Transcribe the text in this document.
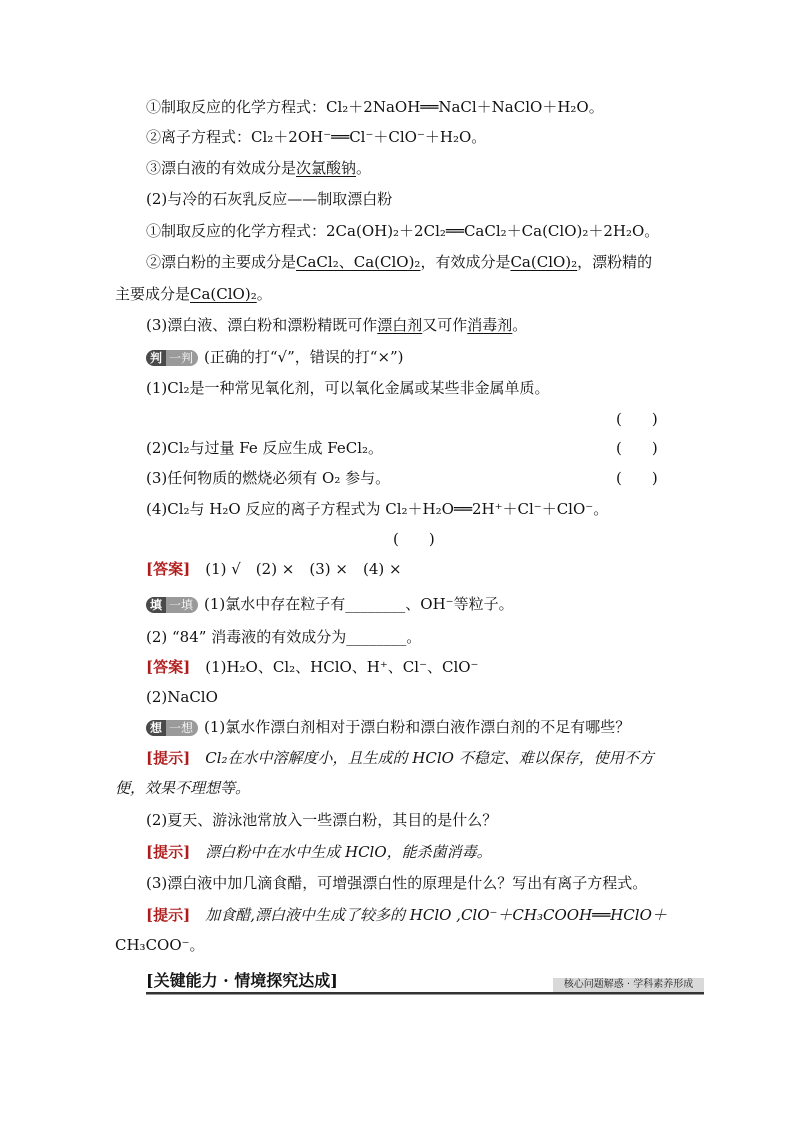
①制取反应的化学方程式：Cl₂＋2NaOH══NaCl＋NaClO＋H₂O。
②离子方程式：Cl₂＋2OH⁻══Cl⁻＋ClO⁻＋H₂O。
③漂白液的有效成分是次氯酸钠。
(2)与冷的石灰乳反应——制取漂白粉
①制取反应的化学方程式：2Ca(OH)₂＋2Cl₂══CaCl₂＋Ca(ClO)₂＋2H₂O。
②漂白粉的主要成分是CaCl₂、Ca(ClO)₂，有效成分是Ca(ClO)₂，漂粉精的
主要成分是Ca(ClO)₂。
(3)漂白液、漂白粉和漂粉精既可作漂白剂又可作消毒剂。
判 一判 (正确的打“√”，错误的打“×”)
(1)Cl₂是一种常见氧化剂，可以氧化金属或某些非金属单质。
(　　)
(2)Cl₂与过量 Fe 反应生成 FeCl₂。	(　　)
(3)任何物质的燃烧必须有 O₂ 参与。	(　　)
(4)Cl₂与 H₂O 反应的离子方程式为 Cl₂＋H₂O══2H⁺＋Cl⁻＋ClO⁻。
(　　)
[答案]　 (1) √　(2) ×　(3) ×　(4) ×
填 一填 (1)氯水中存在粒子有________、OH⁻等粒子。
(2) “84” 消毒液的有效成分为________。
[答案]　 (1)H₂O、Cl₂、HClO、H⁺、Cl⁻、ClO⁻
(2)NaClO
想 一想 (1)氯水作漂白剂相对于漂白粉和漂白液作漂白剂的不足有哪些？
[提示]　 Cl₂在水中溶解度小，且生成的 HClO 不稳定、难以保存，使用不方
便，效果不理想等。
(2)夏天、游泳池常放入一些漂白粉，其目的是什么？
[提示]　 漂白粉中在水中生成 HClO，能杀菌消毒。
(3)漂白液中加几滴食醋，可增强漂白性的原理是什么？写出有离子方程式。
[提示]　 加食醋,漂白液中生成了较多的 HClO ,ClO⁻＋CH₃COOH══HClO＋
CH₃COO⁻。
[关键能力 · 情境探究达成]	核心问题解惑 · 学科素养形成
